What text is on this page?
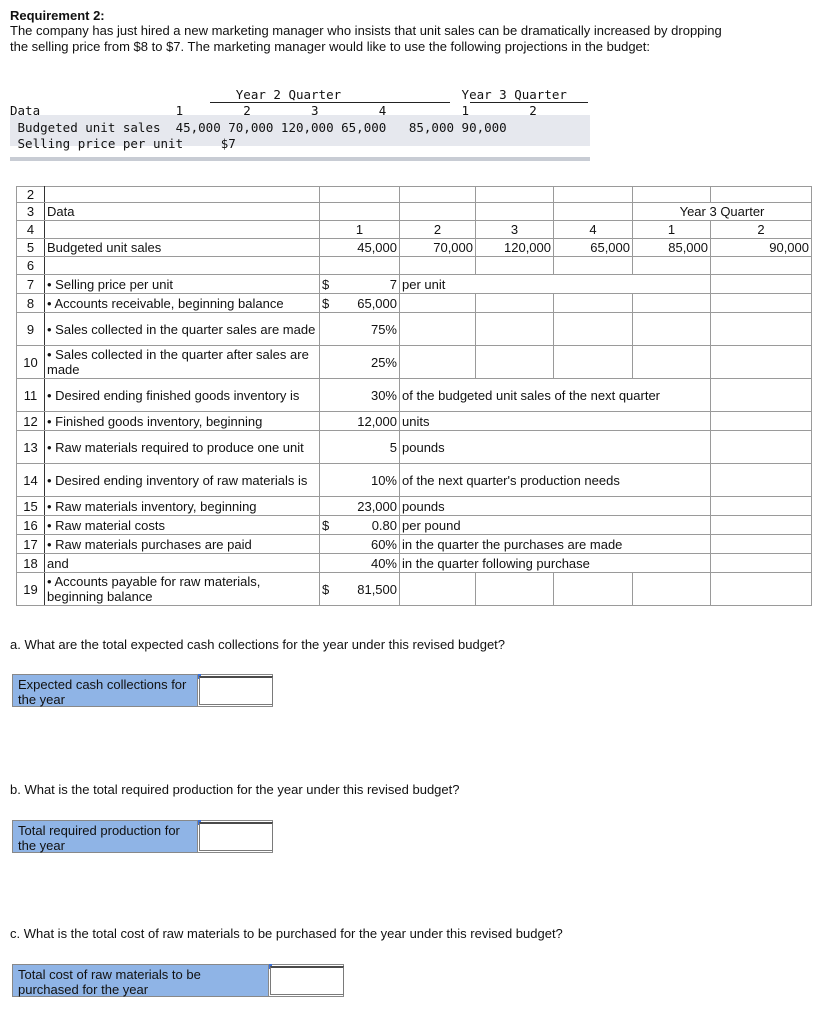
Requirement 2:
The company has just hired a new marketing manager who insists that unit sales can be dramatically increased by dropping the selling price from $8 to $7. The marketing manager would like to use the following projections in the budget:
Year 2 Quarter                Year 3 Quarter
Data                  1        2        3        4          1        2
Budgeted unit sales  45,000 70,000 120,000 65,000   85,000 90,000
Selling price per unit     $7
2								
3	Data					Year 3 Quarter		
4		1	2	3	4	1	2	
5	Budgeted unit sales	45,000	70,000	120,000	65,000	85,000	90,000	
6								
7	• Selling price per unit	$ 7	per unit					
8	• Accounts receivable, beginning balance	$ 65,000						

9	• Sales collected in the quarter sales are made	75%						

10	• Sales collected in the quarter after sales are made	25%						

11	• Desired ending finished goods inventory is	30%	of the budgeted unit sales of the next quarter					
12	• Finished goods inventory, beginning	12,000	units					
13	• Raw materials required to produce one unit	5	pounds					
14	• Desired ending inventory of raw materials is	10%	of the next quarter's production needs					
15	• Raw materials inventory, beginning	23,000	pounds					
16	• Raw material costs	$ 0.80	per pound					
17	• Raw materials purchases are paid	60%	in the quarter the purchases are made					
18	and	40%	in the quarter following purchase					
19	• Accounts payable for raw materials, beginning balance	$ 81,500						

a. What are the total expected cash collections for the year under this revised budget?
Expected cash collections for the year
b. What is the total required production for the year under this revised budget?
Total required production for the year
c. What is the total cost of raw materials to be purchased for the year under this revised budget?
Total cost of raw materials to be purchased for the year
